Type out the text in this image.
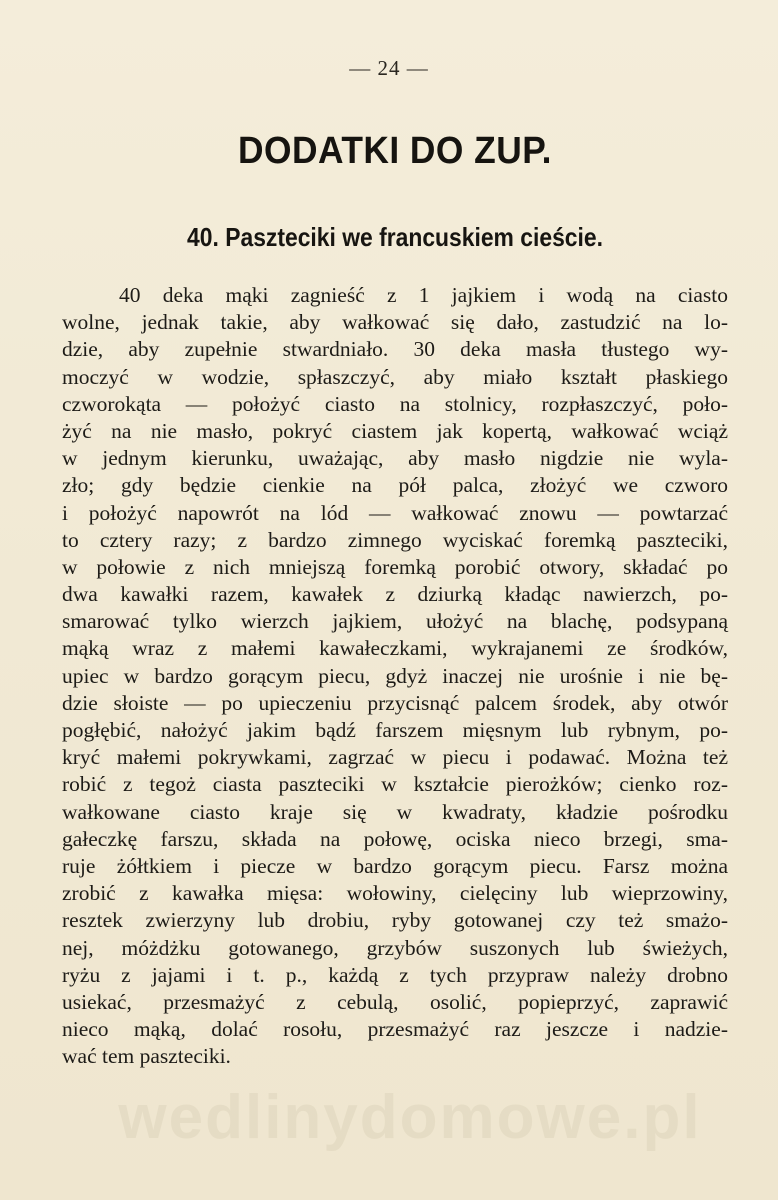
— 24 —
DODATKI DO ZUP.
40. Paszteciki we francuskiem cieście.
40 deka mąki zagnieść z 1 jajkiem i wodą na ciasto
wolne, jednak takie, aby wałkować się dało, zastudzić na lo-
dzie, aby zupełnie stwardniało. 30 deka masła tłustego wy-
moczyć w wodzie, spłaszczyć, aby miało kształt płaskiego
czworokąta — położyć ciasto na stolnicy, rozpłaszczyć, poło-
żyć na nie masło, pokryć ciastem jak kopertą, wałkować wciąż
w jednym kierunku, uważając, aby masło nigdzie nie wyla-
zło; gdy będzie cienkie na pół palca, złożyć we czworo
i położyć napowrót na lód — wałkować znowu — powtarzać
to cztery razy; z bardzo zimnego wyciskać foremką paszteciki,
w połowie z nich mniejszą foremką porobić otwory, składać po
dwa kawałki razem, kawałek z dziurką kładąc nawierzch, po-
smarować tylko wierzch jajkiem, ułożyć na blachę, podsypaną
mąką wraz z małemi kawałeczkami, wykrajanemi ze środków,
upiec w bardzo gorącym piecu, gdyż inaczej nie urośnie i nie bę-
dzie słoiste — po upieczeniu przycisnąć palcem środek, aby otwór
pogłębić, nałożyć jakim bądź farszem mięsnym lub rybnym, po-
kryć małemi pokrywkami, zagrzać w piecu i podawać. Można też
robić z tegoż ciasta paszteciki w kształcie pierożków; cienko roz-
wałkowane ciasto kraje się w kwadraty, kładzie pośrodku
gałeczkę farszu, składa na połowę, ociska nieco brzegi, sma-
ruje żółtkiem i piecze w bardzo gorącym piecu. Farsz można
zrobić z kawałka mięsa: wołowiny, cielęciny lub wieprzowiny,
resztek zwierzyny lub drobiu, ryby gotowanej czy też smażo-
nej, móżdżku gotowanego, grzybów suszonych lub świeżych,
ryżu z jajami i t. p., każdą z tych przypraw należy drobno
usiekać, przesmażyć z cebulą, osolić, popieprzyć, zaprawić
nieco mąką, dolać rosołu, przesmażyć raz jeszcze i nadzie-
wać tem paszteciki.
wedlinydomowe.pl
